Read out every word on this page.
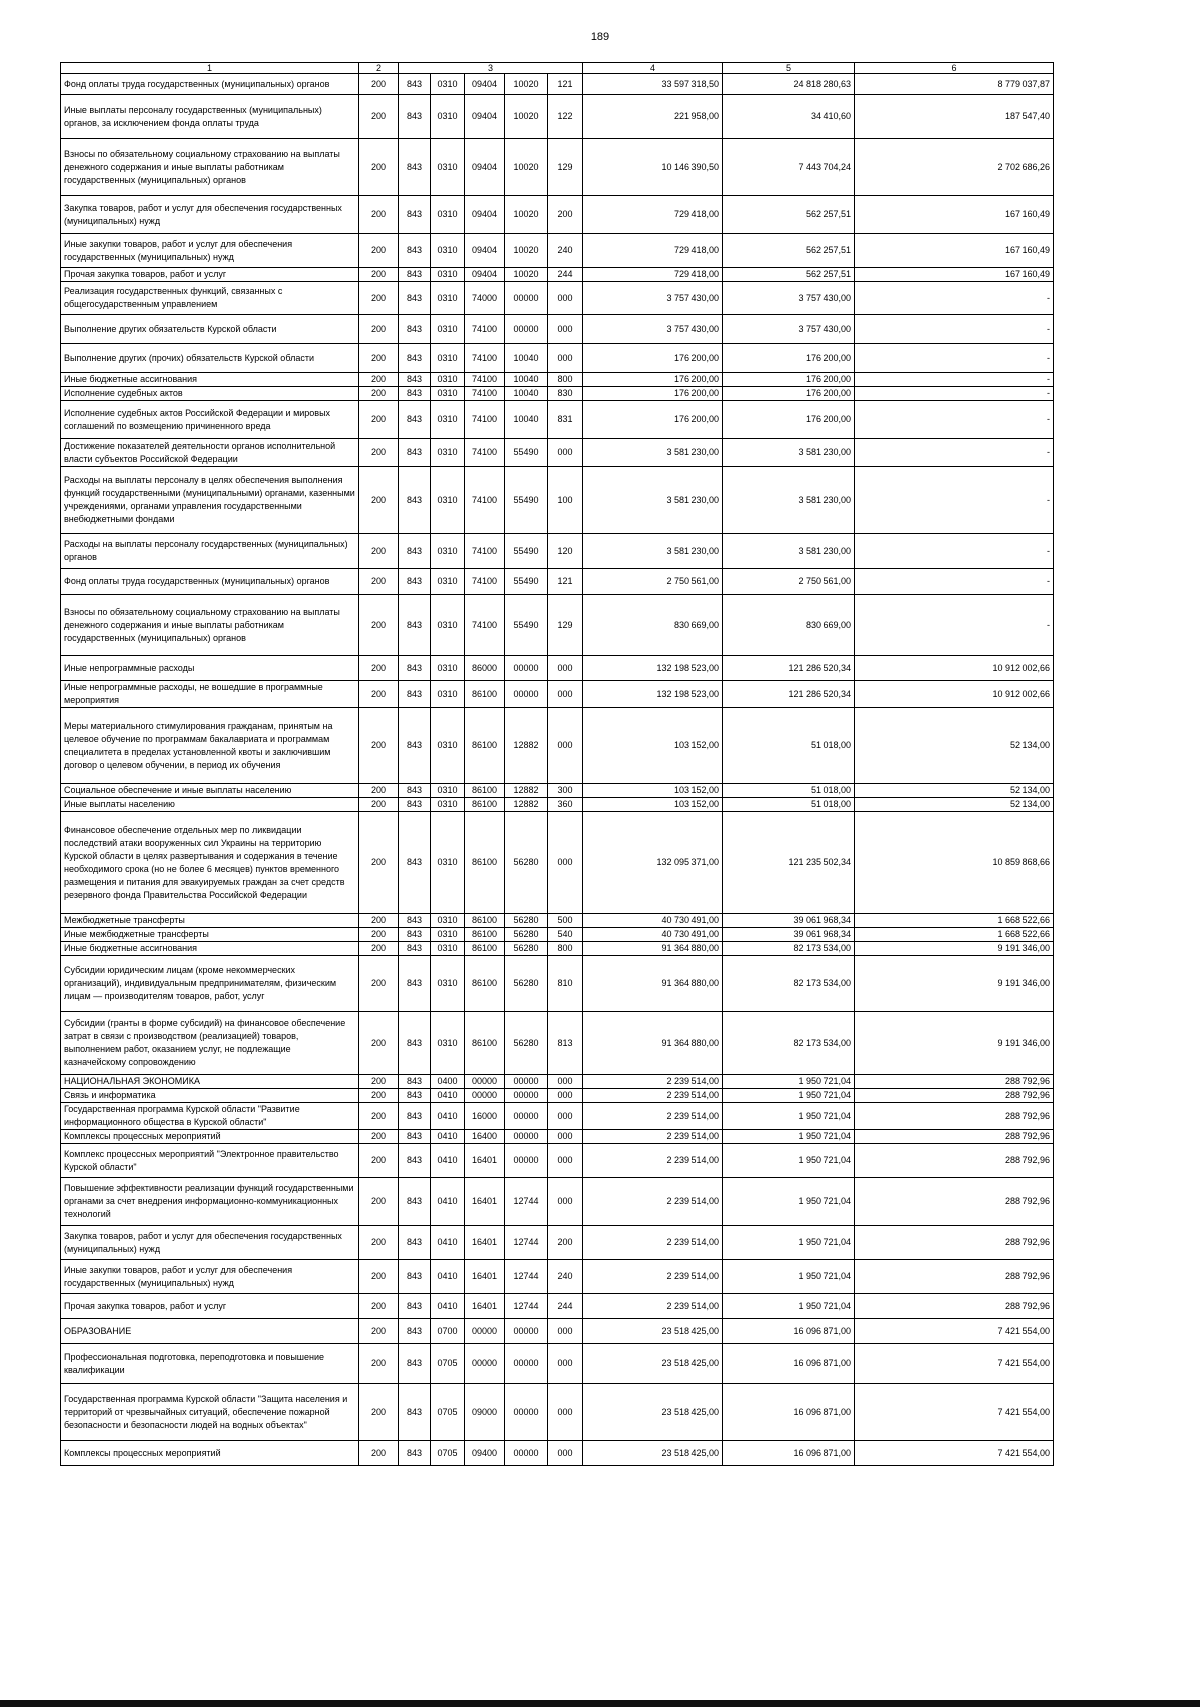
189
1	2	3					4	5	6
Фонд оплаты труда государственных (муниципальных) органов	200	843	0310	09404	10020	121	33 597 318,50	24 818 280,63	8 779 037,87
Иные выплаты персоналу государственных (муниципальных) органов, за исключением фонда оплаты труда	200	843	0310	09404	10020	122	221 958,00	34 410,60	187 547,40
Взносы по обязательному социальному страхованию на выплаты денежного содержания и иные выплаты работникам государственных (муниципальных) органов	200	843	0310	09404	10020	129	10 146 390,50	7 443 704,24	2 702 686,26
Закупка товаров, работ и услуг для обеспечения государственных (муниципальных) нужд	200	843	0310	09404	10020	200	729 418,00	562 257,51	167 160,49
Иные закупки товаров, работ и услуг для обеспечения государственных (муниципальных) нужд	200	843	0310	09404	10020	240	729 418,00	562 257,51	167 160,49
Прочая закупка товаров, работ и услуг	200	843	0310	09404	10020	244	729 418,00	562 257,51	167 160,49
Реализация государственных функций, связанных с общегосударственным управлением	200	843	0310	74000	00000	000	3 757 430,00	3 757 430,00	-
Выполнение других обязательств Курской области	200	843	0310	74100	00000	000	3 757 430,00	3 757 430,00	-
Выполнение других (прочих) обязательств Курской области	200	843	0310	74100	10040	000	176 200,00	176 200,00	-
Иные бюджетные ассигнования	200	843	0310	74100	10040	800	176 200,00	176 200,00	-
Исполнение судебных актов	200	843	0310	74100	10040	830	176 200,00	176 200,00	-
Исполнение судебных актов Российской Федерации и мировых соглашений по возмещению причиненного вреда	200	843	0310	74100	10040	831	176 200,00	176 200,00	-
Достижение показателей деятельности органов исполнительной власти субъектов Российской Федерации	200	843	0310	74100	55490	000	3 581 230,00	3 581 230,00	-
Расходы на выплаты персоналу в целях обеспечения выполнения функций государственными (муниципальными) органами, казенными учреждениями, органами управления государственными внебюджетными фондами	200	843	0310	74100	55490	100	3 581 230,00	3 581 230,00	-
Расходы на выплаты персоналу государственных (муниципальных) органов	200	843	0310	74100	55490	120	3 581 230,00	3 581 230,00	-
Фонд оплаты труда государственных (муниципальных) органов	200	843	0310	74100	55490	121	2 750 561,00	2 750 561,00	-
Взносы по обязательному социальному страхованию на выплаты денежного содержания и иные выплаты работникам государственных (муниципальных) органов	200	843	0310	74100	55490	129	830 669,00	830 669,00	-
Иные непрограммные расходы	200	843	0310	86000	00000	000	132 198 523,00	121 286 520,34	10 912 002,66
Иные непрограммные расходы, не вошедшие в программные мероприятия	200	843	0310	86100	00000	000	132 198 523,00	121 286 520,34	10 912 002,66
Меры материального стимулирования гражданам, принятым на целевое обучение по программам бакалавриата и программам специалитета в пределах установленной квоты и заключившим договор о целевом обучении, в период их обучения	200	843	0310	86100	12882	000	103 152,00	51 018,00	52 134,00
Социальное обеспечение и иные выплаты населению	200	843	0310	86100	12882	300	103 152,00	51 018,00	52 134,00
Иные выплаты населению	200	843	0310	86100	12882	360	103 152,00	51 018,00	52 134,00
Финансовое обеспечение отдельных мер по ликвидации последствий атаки вооруженных сил Украины на территорию Курской области в целях развертывания и содержания в течение необходимого срока (но не более 6 месяцев) пунктов временного размещения и питания для эвакуируемых граждан за счет средств резервного фонда Правительства Российской Федерации	200	843	0310	86100	56280	000	132 095 371,00	121 235 502,34	10 859 868,66
Межбюджетные трансферты	200	843	0310	86100	56280	500	40 730 491,00	39 061 968,34	1 668 522,66
Иные межбюджетные трансферты	200	843	0310	86100	56280	540	40 730 491,00	39 061 968,34	1 668 522,66
Иные бюджетные ассигнования	200	843	0310	86100	56280	800	91 364 880,00	82 173 534,00	9 191 346,00
Субсидии юридическим лицам (кроме некоммерческих организаций), индивидуальным предпринимателям, физическим лицам — производителям товаров, работ, услуг	200	843	0310	86100	56280	810	91 364 880,00	82 173 534,00	9 191 346,00
Субсидии (гранты в форме субсидий) на финансовое обеспечение затрат в связи с производством (реализацией) товаров, выполнением работ, оказанием услуг, не подлежащие казначейскому сопровождению	200	843	0310	86100	56280	813	91 364 880,00	82 173 534,00	9 191 346,00
НАЦИОНАЛЬНАЯ ЭКОНОМИКА	200	843	0400	00000	00000	000	2 239 514,00	1 950 721,04	288 792,96
Связь и информатика	200	843	0410	00000	00000	000	2 239 514,00	1 950 721,04	288 792,96
Государственная программа Курской области "Развитие информационного общества в Курской области"	200	843	0410	16000	00000	000	2 239 514,00	1 950 721,04	288 792,96
Комплексы процессных мероприятий	200	843	0410	16400	00000	000	2 239 514,00	1 950 721,04	288 792,96
Комплекс процессных мероприятий "Электронное правительство Курской области"	200	843	0410	16401	00000	000	2 239 514,00	1 950 721,04	288 792,96
Повышение эффективности реализации функций государственными органами за счет внедрения информационно-коммуникационных технологий	200	843	0410	16401	12744	000	2 239 514,00	1 950 721,04	288 792,96
Закупка товаров, работ и услуг для обеспечения государственных (муниципальных) нужд	200	843	0410	16401	12744	200	2 239 514,00	1 950 721,04	288 792,96
Иные закупки товаров, работ и услуг для обеспечения государственных (муниципальных) нужд	200	843	0410	16401	12744	240	2 239 514,00	1 950 721,04	288 792,96
Прочая закупка товаров, работ и услуг	200	843	0410	16401	12744	244	2 239 514,00	1 950 721,04	288 792,96
ОБРАЗОВАНИЕ	200	843	0700	00000	00000	000	23 518 425,00	16 096 871,00	7 421 554,00
Профессиональная подготовка, переподготовка и повышение квалификации	200	843	0705	00000	00000	000	23 518 425,00	16 096 871,00	7 421 554,00
Государственная программа Курской области "Защита населения и территорий от чрезвычайных ситуаций, обеспечение пожарной безопасности и безопасности людей на водных объектах"	200	843	0705	09000	00000	000	23 518 425,00	16 096 871,00	7 421 554,00
Комплексы процессных мероприятий	200	843	0705	09400	00000	000	23 518 425,00	16 096 871,00	7 421 554,00
